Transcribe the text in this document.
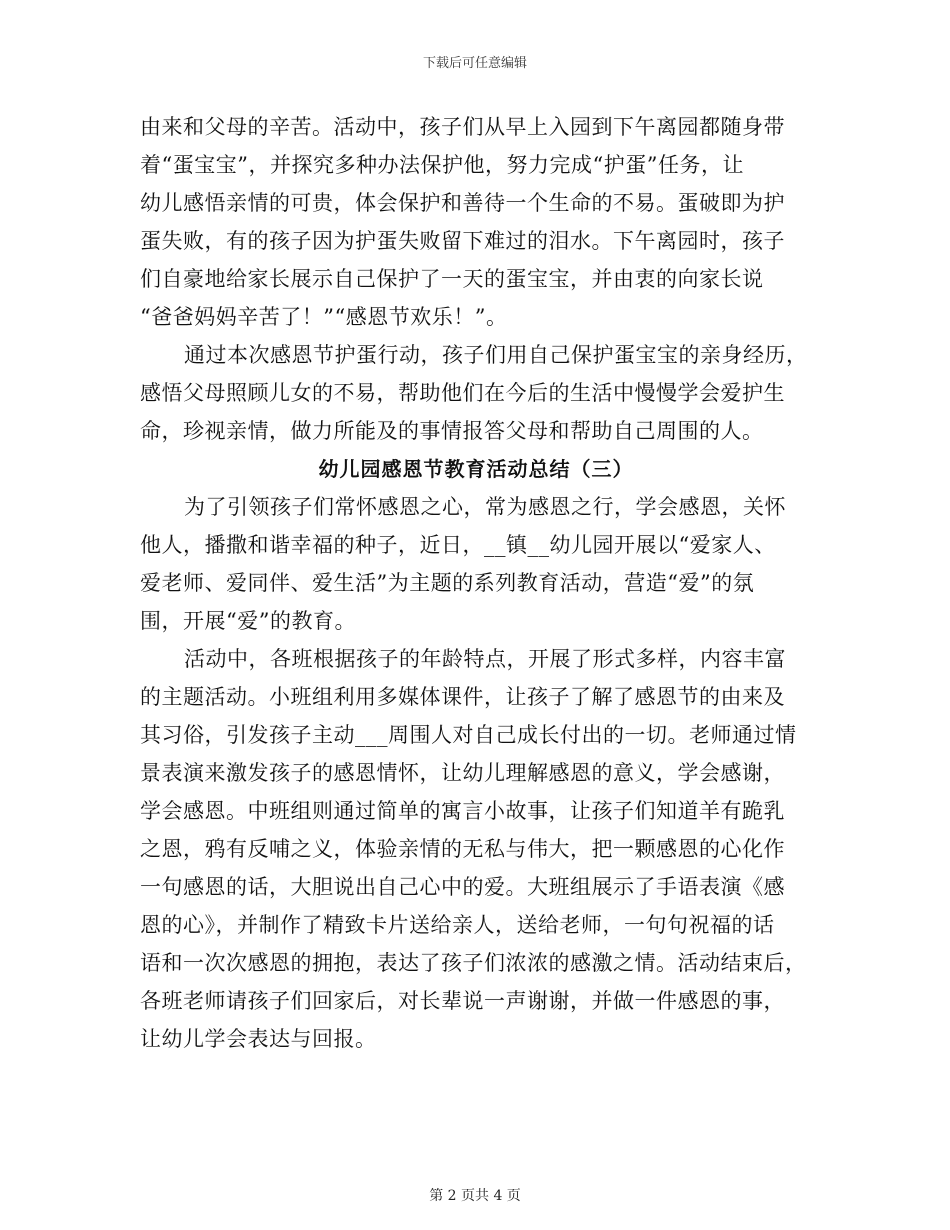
下载后可任意编辑
由来和父母的辛苦。活动中，孩子们从早上入园到下午离园都随身带
着“蛋宝宝”，并探究多种办法保护他，努力完成“护蛋”任务，让
幼儿感悟亲情的可贵，体会保护和善待一个生命的不易。蛋破即为护
蛋失败，有的孩子因为护蛋失败留下难过的泪水。下午离园时，孩子
们自豪地给家长展示自己保护了一天的蛋宝宝，并由衷的向家长说
“爸爸妈妈辛苦了！”“感恩节欢乐！”。
通过本次感恩节护蛋行动，孩子们用自己保护蛋宝宝的亲身经历，
感悟父母照顾儿女的不易，帮助他们在今后的生活中慢慢学会爱护生
命，珍视亲情，做力所能及的事情报答父母和帮助自己周围的人。
幼儿园感恩节教育活动总结（三）
为了引领孩子们常怀感恩之心，常为感恩之行，学会感恩，关怀
他人，播撒和谐幸福的种子，近日，__镇__幼儿园开展以“爱家人、
爱老师、爱同伴、爱生活”为主题的系列教育活动，营造“爱”的氛
围，开展“爱”的教育。
活动中，各班根据孩子的年龄特点，开展了形式多样，内容丰富
的主题活动。小班组利用多媒体课件，让孩子了解了感恩节的由来及
其习俗，引发孩子主动___周围人对自己成长付出的一切。老师通过情
景表演来激发孩子的感恩情怀，让幼儿理解感恩的意义，学会感谢，
学会感恩。中班组则通过简单的寓言小故事，让孩子们知道羊有跪乳
之恩，鸦有反哺之义，体验亲情的无私与伟大，把一颗感恩的心化作
一句感恩的话，大胆说出自己心中的爱。大班组展示了手语表演《感
恩的心》，并制作了精致卡片送给亲人，送给老师，一句句祝福的话
语和一次次感恩的拥抱，表达了孩子们浓浓的感激之情。活动结束后，
各班老师请孩子们回家后，对长辈说一声谢谢，并做一件感恩的事，
让幼儿学会表达与回报。
第 2 页共 4 页
